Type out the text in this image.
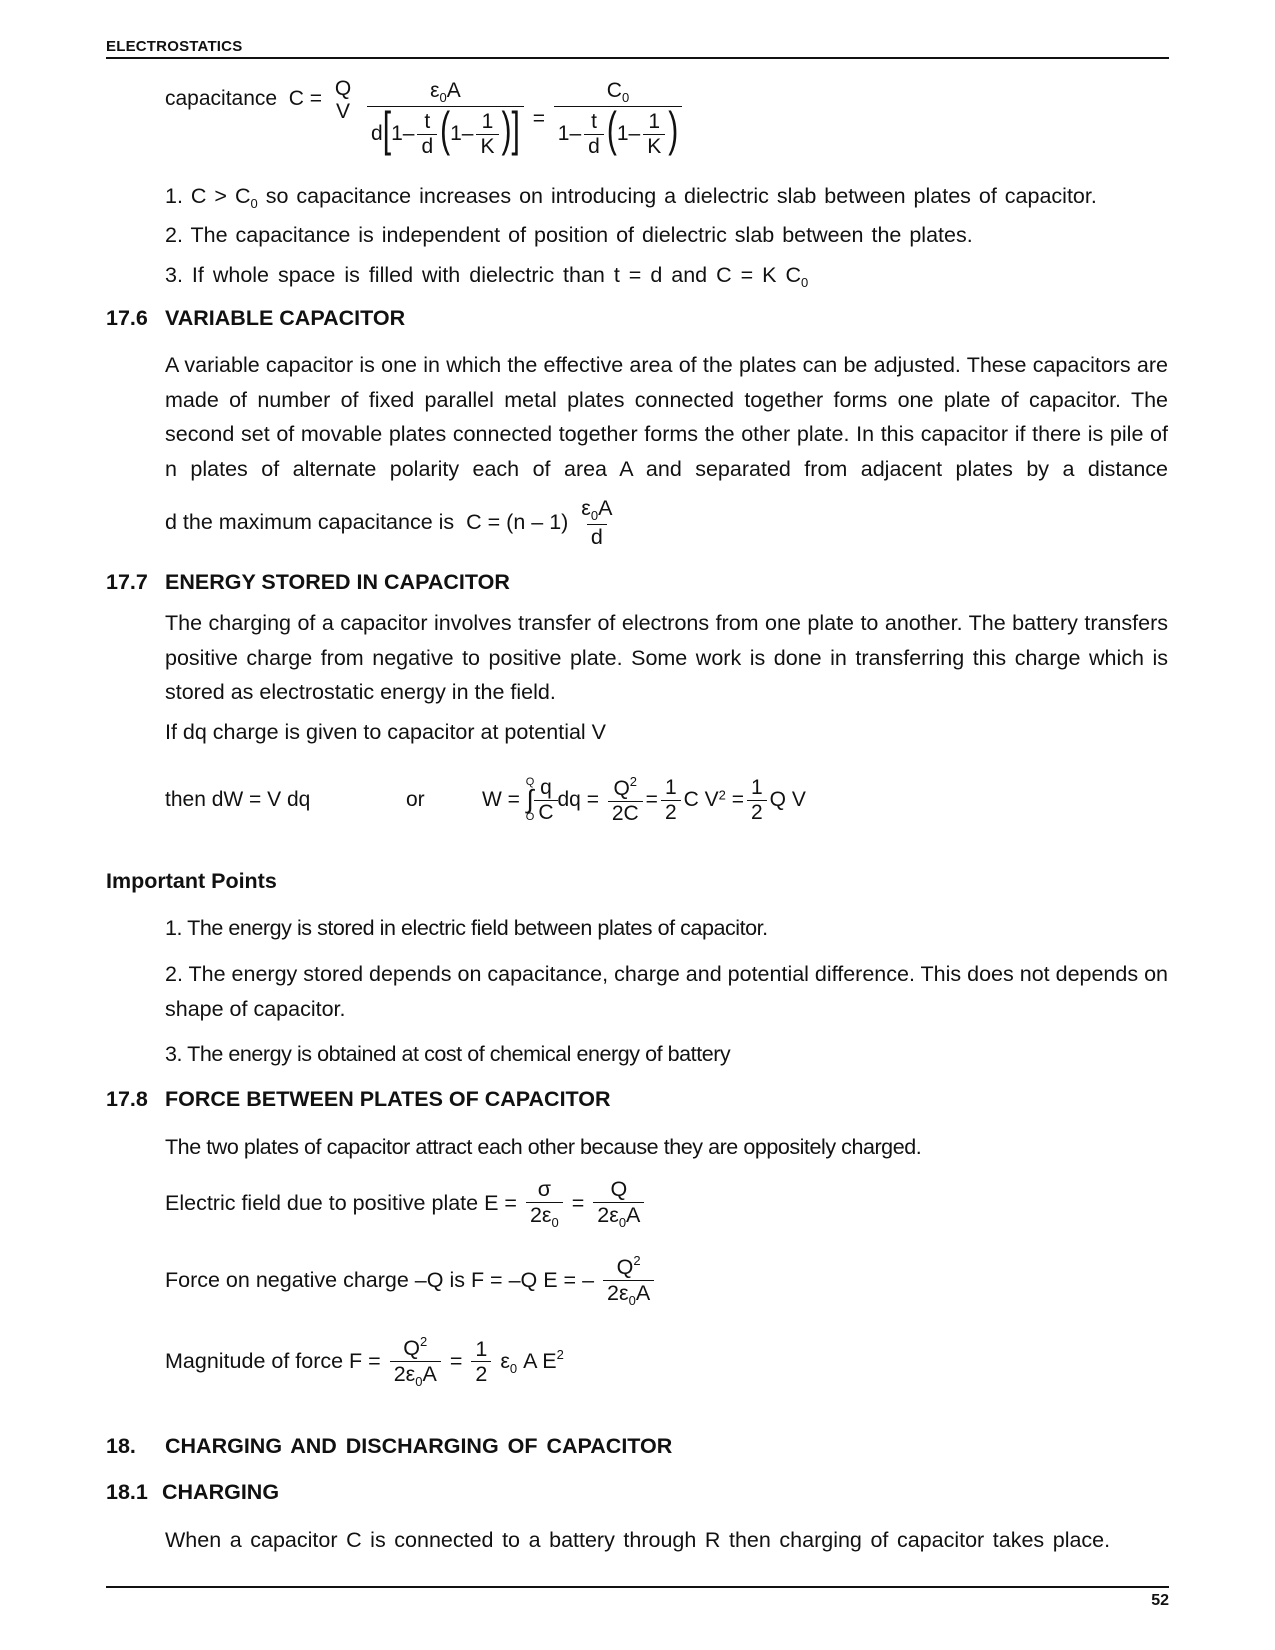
ELECTROSTATICS
capacitance C = Q
V
$\frac{\varepsilon_0A}{d[1- \frac{t}{d} (1- \frac{1}{K} )]} = \frac{C_0}{1- \frac{t}{d} (1- \frac{1}{K} )}$
1. $C > C_0$ so capacitance increases on introducing a dielectric slab between plates of capacitor.
2. The capacitance is independent of position of dielectric slab between the plates.
3. If whole space is filled with dielectric than t = d and C = K $C_0$
17.6 VARIABLE CAPACITOR
A variable capacitor is one in which the effective area of the plates can be adjusted. These capacitors are made of number of fixed parallel metal plates connected together forms one plate of capacitor. The second set of movable plates connected together forms the other plate. In this capacitor if there is pile of n plates of alternate polarity each of area A and separated from adjacent plates by a distance
d the maximum capacitance is $C = (n - 1) \frac{\varepsilon_0A}{d}$
17.7 ENERGY STORED IN CAPACITOR
The charging of a capacitor involves transfer of electrons from one plate to another. The battery transfers positive charge from negative to positive plate. Some work is done in transferring this charge which is stored as electrostatic energy in the field.
If dq charge is given to capacitor at potential V
then dW = V dq	or	W =
Q
∫
O $\frac{q}{C}$ dq = $\frac{Q^2}{2C} = \frac{1}{2}$ C $V^2 = \frac{1}{2}$ Q V
Important Points
1. The energy is stored in electric field between plates of capacitor.
2. The energy stored depends on capacitance, charge and potential difference. This does not depends on shape of capacitor.
3. The energy is obtained at cost of chemical energy of battery
17.8 FORCE BETWEEN PLATES OF CAPACITOR
The two plates of capacitor attract each other because they are oppositely charged.
Electric field due to positive plate $E = \frac{\sigma}{2\varepsilon_0} = \frac{Q}{2\varepsilon_0A}$
Force on negative charge –Q is F = –Q E = – $\frac{Q^2}{2\varepsilon_0A}$
Magnitude of force $F = \frac{Q^2}{2\varepsilon_0A} = \frac{1}{2} \varepsilon_0$ A $E^2$
18. CHARGING AND DISCHARGING OF CAPACITOR
18.1 CHARGING
When a capacitor C is connected to a battery through R then charging of capacitor takes place.
52
